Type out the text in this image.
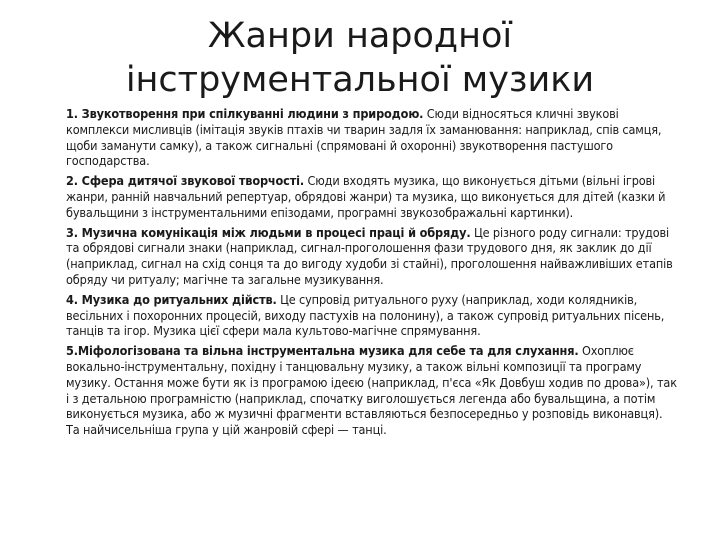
Жанри народної інструментальної музики

1. Звукотворення при спілкуванні людини з природою. Сюди відносяться кличні звукові комплекси мисливців (імітація звуків птахів чи тварин задля їх заманювання: наприклад, спів самця, щоби заманути самку), а також сигнальні (спрямовані й охоронні) звукотворення пастушого господарства.

2. Сфера дитячої звукової творчості. Сюди входять музика, що виконується дітьми (вільні ігрові жанри, ранній навчальний репертуар, обрядові жанри) та музика, що виконується для дітей (казки й бувальщини з інструментальними епізодами, програмні звукозображальні картинки).

3. Музична комунікація між людьми в процесі праці й обряду. Це різного роду сигнали: трудові та обрядові сигнали знаки (наприклад, сигнал-проголошення фази трудового дня, як заклик до дії (наприклад, сигнал на схід сонця та до вигоду худоби зі стайні), проголошення найважливіших етапів обряду чи ритуалу; магічне та загальне музикування.

4. Музика до ритуальних дійств. Це супровід ритуального руху (наприклад, ходи колядників, весільних і похоронних процесій, виходу пастухів на полонину), а також супровід ритуальних пісень, танців та ігор. Музика цієї сфери мала культово-магічне спрямування.

5.Міфологізована та вільна інструментальна музика для себе та для слухання. Охоплює вокально-інструментальну, похідну і танцювальну музику, а також вільні композиції та програму музику. Остання може бути як із програмою ідеєю (наприклад, п'єса «Як Довбуш ходив по дрова»), так і з детальною програмністю (наприклад, спочатку виголошується легенда або бувальщина, а потім виконується музика, або ж музичні фрагменти вставляються безпосередньо у розповідь виконавця). Та найчисельніша група у цій жанровій сфері — танці.
